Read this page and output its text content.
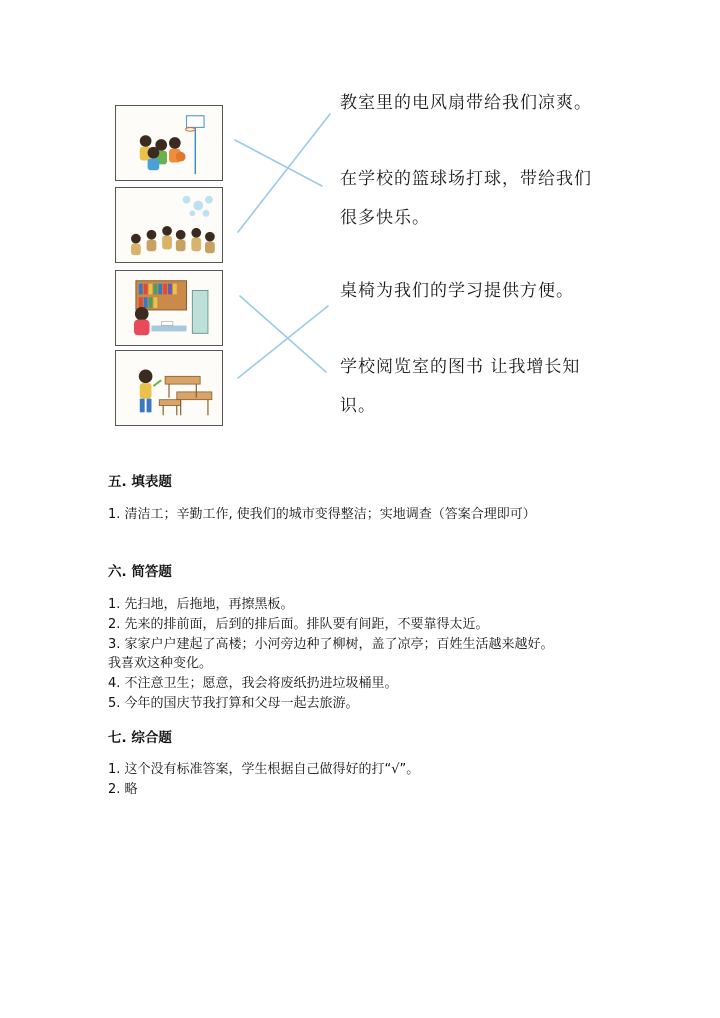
教室里的电风扇带给我们凉爽。

在学校的篮球场打球，带给我们
很多快乐。

桌椅为我们的学习提供方便。

学校阅览室的图书 让我增长知
识。

五. 填表题
1. 清洁工；辛勤工作, 使我们的城市变得整洁；实地调查（答案合理即可）
六. 简答题
1. 先扫地，后拖地，再擦黑板。
2. 先来的排前面，后到的排后面。排队要有间距，不要靠得太近。
3. 家家户户建起了高楼；小河旁边种了柳树，盖了凉亭；百姓生活越来越好。
我喜欢这种变化。
4. 不注意卫生；愿意，我会将废纸扔进垃圾桶里。
5. 今年的国庆节我打算和父母一起去旅游。
七. 综合题
1. 这个没有标准答案，学生根据自己做得好的打“√”。
2. 略
